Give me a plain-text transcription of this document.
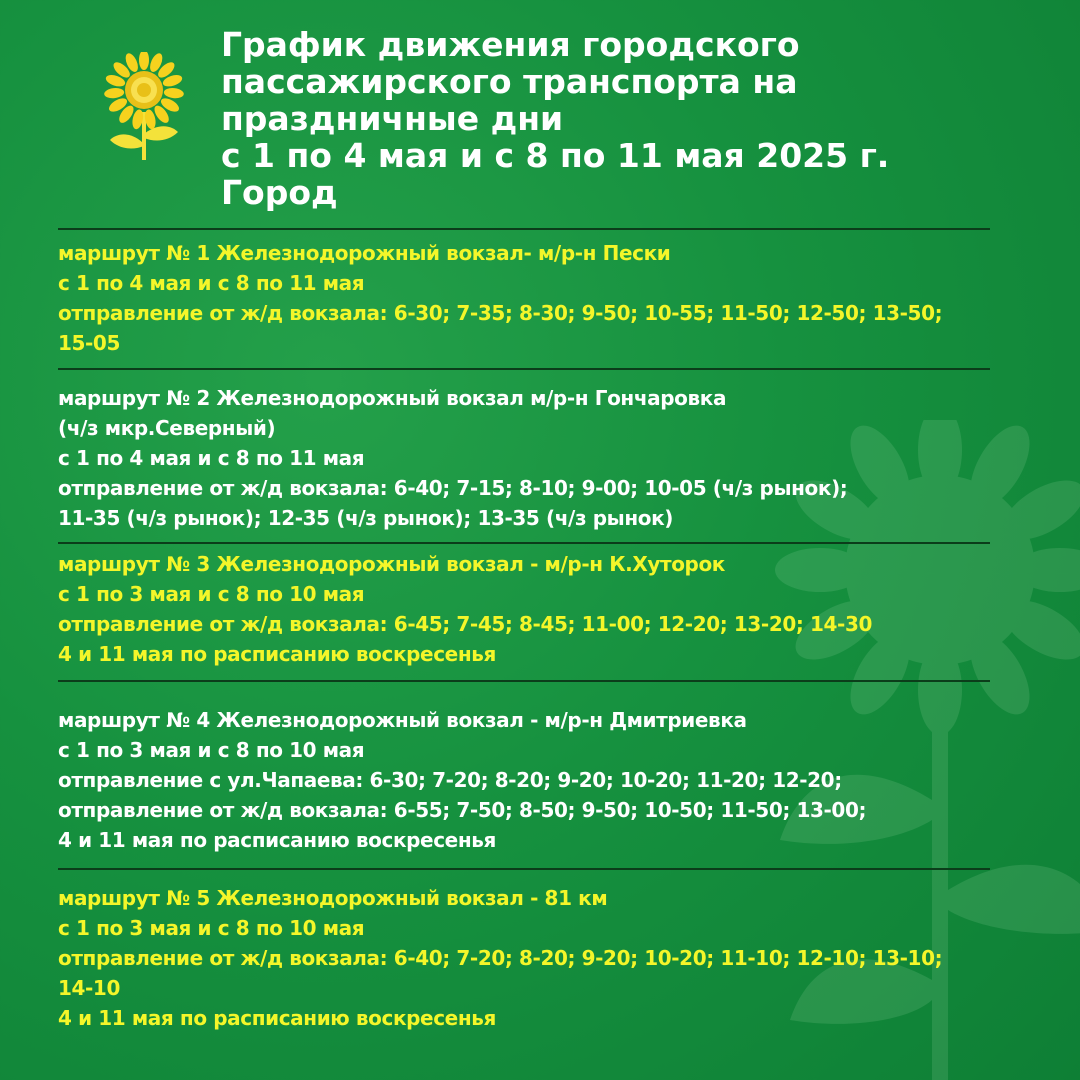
График движения городского
пассажирского транспорта на
праздничные дни
с 1 по 4 мая и с 8 по 11 мая 2025 г.
Город
маршрут № 1 Железнодорожный вокзал- м/р-н Пески
с 1 по 4 мая и с 8 по 11 мая
отправление от ж/д вокзала: 6-30; 7-35; 8-30; 9-50; 10-55; 11-50; 12-50; 13-50;
15-05
маршрут № 2 Железнодорожный вокзал м/р-н Гончаровка
(ч/з мкр.Северный)
с 1 по 4 мая и с 8 по 11 мая
отправление от ж/д вокзала: 6-40; 7-15; 8-10; 9-00; 10-05 (ч/з рынок);
11-35 (ч/з рынок); 12-35 (ч/з рынок); 13-35 (ч/з рынок)
маршрут № 3 Железнодорожный вокзал - м/р-н К.Хуторок
с 1 по 3 мая и с 8 по 10 мая
отправление от ж/д вокзала: 6-45; 7-45; 8-45; 11-00; 12-20; 13-20; 14-30
4 и 11 мая по расписанию воскресенья
маршрут № 4 Железнодорожный вокзал - м/р-н Дмитриевка
с 1 по 3 мая и с 8 по 10 мая
отправление с ул.Чапаева: 6-30; 7-20; 8-20; 9-20; 10-20; 11-20; 12-20;
отправление от ж/д вокзала: 6-55; 7-50; 8-50; 9-50; 10-50; 11-50; 13-00;
4 и 11 мая по расписанию воскресенья
маршрут № 5 Железнодорожный вокзал - 81 км
с 1 по 3 мая и с 8 по 10 мая
отправление от ж/д вокзала: 6-40; 7-20; 8-20; 9-20; 10-20; 11-10; 12-10; 13-10;
14-10
4 и 11 мая по расписанию воскресенья
